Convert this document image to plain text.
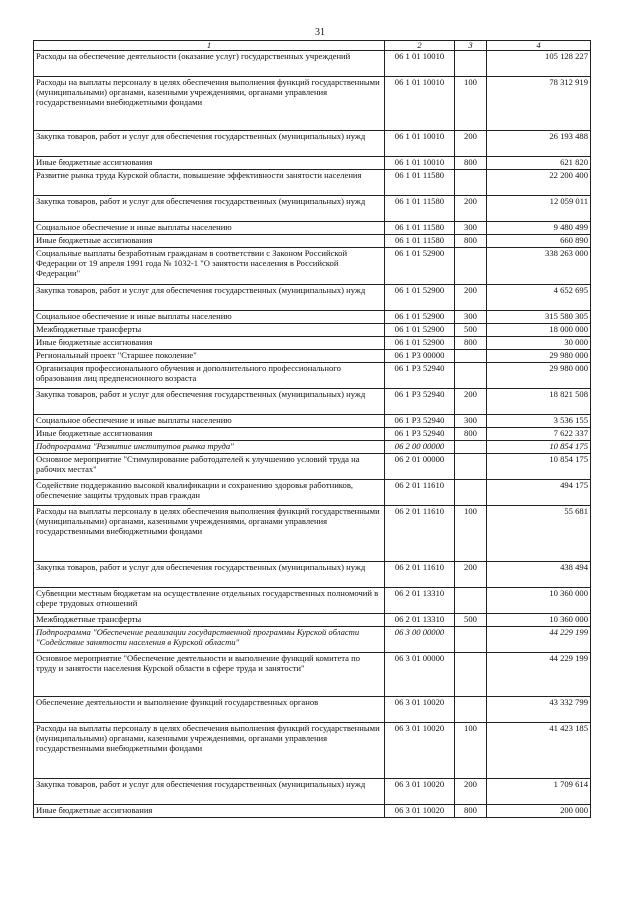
31
1	2	3	4
Расходы на обеспечение деятельности (оказание услуг) государственных учреждений	06 1 01 10010		105 128 227
Расходы на выплаты персоналу в целях обеспечения выполнения функций государственными (муниципальными) органами, казенными учреждениями, органами управления государственными внебюджетными фондами	06 1 01 10010	100	78 312 919
Закупка товаров, работ и услуг для обеспечения государственных (муниципальных) нужд	06 1 01 10010	200	26 193 488
Иные бюджетные ассигнования	06 1 01 10010	800	621 820
Развитие рынка труда Курской области, повышение эффективности занятости населения	06 1 01 11580		22 200 400
Закупка товаров, работ и услуг для обеспечения государственных (муниципальных) нужд	06 1 01 11580	200	12 059 011
Социальное обеспечение и иные выплаты населению	06 1 01 11580	300	9 480 499
Иные бюджетные ассигнования	06 1 01 11580	800	660 890
Социальные выплаты безработным гражданам в соответствии с Законом Российской Федерации от 19 апреля 1991 года № 1032-1 "О занятости населения в Российской Федерации"	06 1 01 52900		338 263 000
Закупка товаров, работ и услуг для обеспечения государственных (муниципальных) нужд	06 1 01 52900	200	4 652 695
Социальное обеспечение и иные выплаты населению	06 1 01 52900	300	315 580 305
Межбюджетные трансферты	06 1 01 52900	500	18 000 000
Иные бюджетные ассигнования	06 1 01 52900	800	30 000
Региональный проект "Старшее поколение"	06 1 Р3 00000		29 980 000
Организация профессионального обучения и дополнительного профессионального образования лиц предпенсионного возраста	06 1 Р3 52940		29 980 000
Закупка товаров, работ и услуг для обеспечения государственных (муниципальных) нужд	06 1 Р3 52940	200	18 821 508
Социальное обеспечение и иные выплаты населению	06 1 Р3 52940	300	3 536 155
Иные бюджетные ассигнования	06 1 Р3 52940	800	7 622 337
Подпрограмма "Развитие институтов рынка труда"	06 2 00 00000		10 854 175
Основное мероприятие "Стимулирование работодателей к улучшению условий труда на рабочих местах"	06 2 01 00000		10 854 175
Содействие поддержанию высокой квалификации и сохранению здоровья работников, обеспечение защиты трудовых прав граждан	06 2 01 11610		494 175
Расходы на выплаты персоналу в целях обеспечения выполнения функций государственными (муниципальными) органами, казенными учреждениями, органами управления государственными внебюджетными фондами	06 2 01 11610	100	55 681
Закупка товаров, работ и услуг для обеспечения государственных (муниципальных) нужд	06 2 01 11610	200	438 494
Субвенции местным бюджетам на осуществление отдельных государственных полномочий в сфере трудовых отношений	06 2 01 13310		10 360 000
Межбюджетные трансферты	06 2 01 13310	500	10 360 000
Подпрограмма "Обеспечение реализации государственной программы Курской области "Содействие занятости населения в Курской области"	06 3 00 00000		44 229 199
Основное мероприятие "Обеспечение деятельности и выполнение функций комитета по труду и занятости населения Курской области в сфере труда и занятости"	06 3 01 00000		44 229 199
Обеспечение деятельности и выполнение функций государственных органов	06 3 01 10020		43 332 799
Расходы на выплаты персоналу в целях обеспечения выполнения функций государственными (муниципальными) органами, казенными учреждениями, органами управления государственными внебюджетными фондами	06 3 01 10020	100	41 423 185
Закупка товаров, работ и услуг для обеспечения государственных (муниципальных) нужд	06 3 01 10020	200	1 709 614
Иные бюджетные ассигнования	06 3 01 10020	800	200 000
